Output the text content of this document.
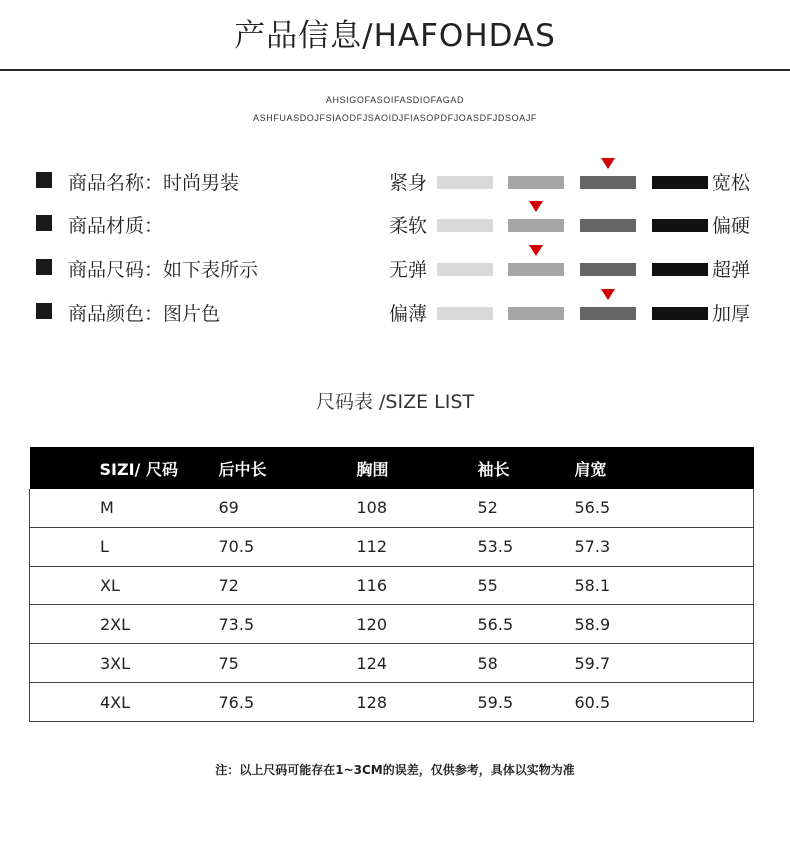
产品信息/HAFOHDAS
AHSIGOFASOIFASDIOFAGAD
ASHFUASDOJFSIAODFJSAOIDJFIASOPDFJOASDFJDSOAJF
商品名称：时尚男装	紧身	宽松
商品材质：	柔软	偏硬
商品尺码：如下表所示	无弹	超弹
商品颜色：图片色	偏薄	加厚
尺码表 /SIZE LIST
SIZI/ 尺码	后中长	胸围	袖长	肩宽
M	69	108	52	56.5
L	70.5	112	53.5	57.3
XL	72	116	55	58.1
2XL	73.5	120	56.5	58.9
3XL	75	124	58	59.7
4XL	76.5	128	59.5	60.5
注：以上尺码可能存在1~3CM的误差，仅供参考，具体以实物为准
